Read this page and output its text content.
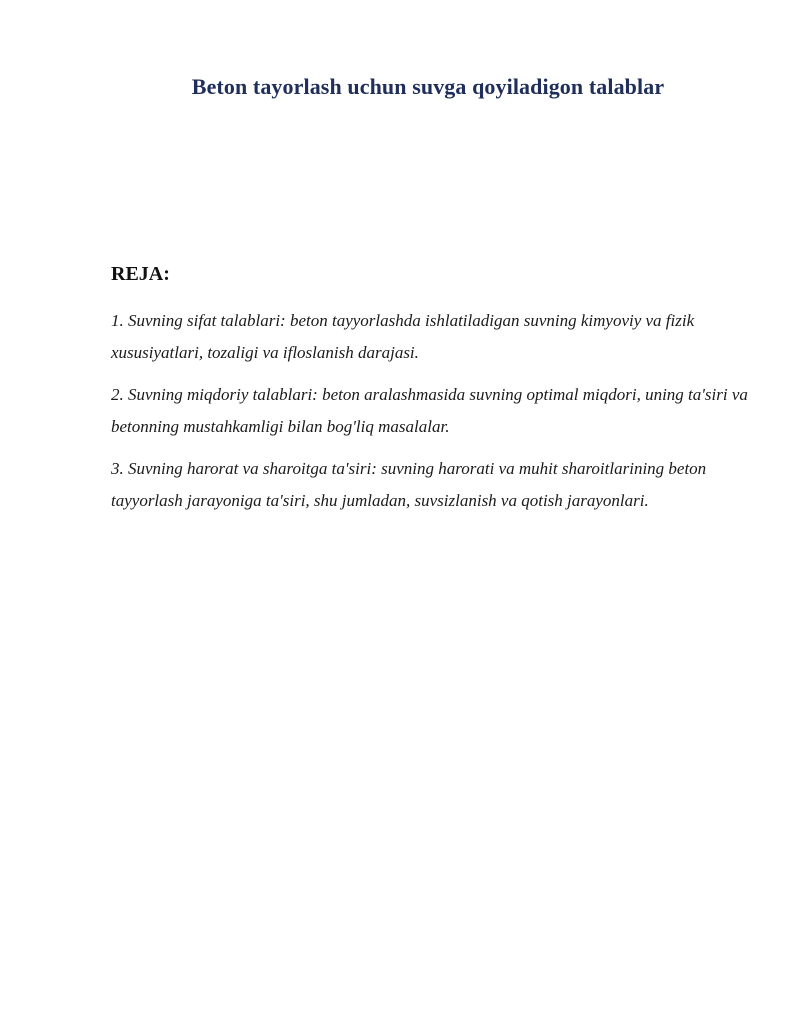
Beton tayorlash uchun suvga qoyiladigon talablar
REJA:
1. Suvning sifat talablari: beton tayyorlashda ishlatiladigan suvning kimyoviy va fizik xususiyatlari, tozaligi va ifloslanish darajasi.
2. Suvning miqdoriy talablari: beton aralashmasida suvning optimal miqdori, uning ta'siri va betonning mustahkamligi bilan bog'liq masalalar.
3. Suvning harorat va sharoitga ta'siri: suvning harorati va muhit sharoitlarining beton tayyorlash jarayoniga ta'siri, shu jumladan, suvsizlanish va qotish jarayonlari.
